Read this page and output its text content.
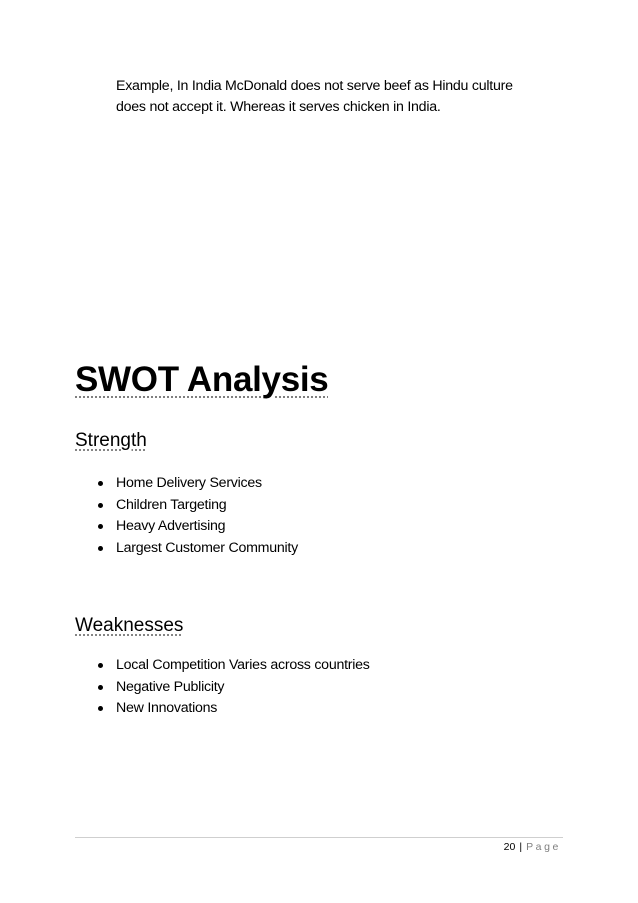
Example, In India McDonald does not serve beef as Hindu culture

does not accept it. Whereas it serves chicken in India.

SWOT Analysis
Strength
Home Delivery Services
Children Targeting
Heavy Advertising
Largest Customer Community
Weaknesses
Local Competition Varies across countries
Negative Publicity
New Innovations
20 | Page
